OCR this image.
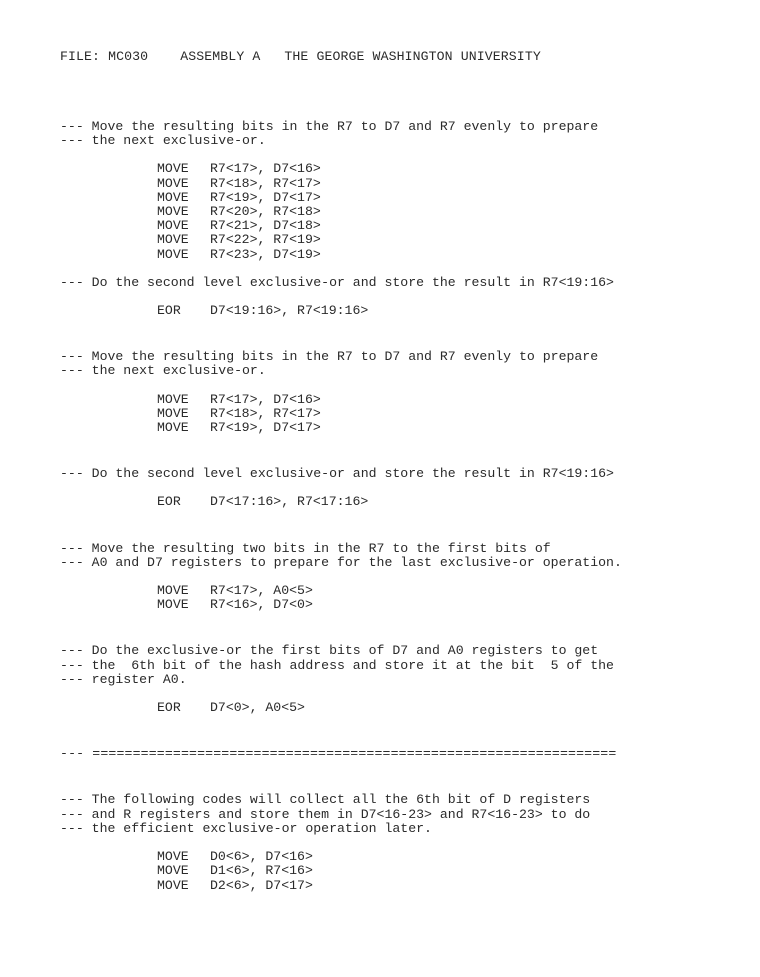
FILE: MC030 ASSEMBLY A THE GEORGE WASHINGTON UNIVERSITY
--- Move the resulting bits in the R7 to D7 and R7 evenly to prepare
--- the next exclusive-or.
MOVE R7<17>, D7<16>
MOVE R7<18>, R7<17>
MOVE R7<19>, D7<17>
MOVE R7<20>, R7<18>
MOVE R7<21>, D7<18>
MOVE R7<22>, R7<19>
MOVE R7<23>, D7<19>
--- Do the second level exclusive-or and store the result in R7<19:16>
EOR D7<19:16>, R7<19:16>
--- Move the resulting bits in the R7 to D7 and R7 evenly to prepare
--- the next exclusive-or.
MOVE R7<17>, D7<16>
MOVE R7<18>, R7<17>
MOVE R7<19>, D7<17>
--- Do the second level exclusive-or and store the result in R7<19:16>
EOR D7<17:16>, R7<17:16>
--- Move the resulting two bits in the R7 to the first bits of
--- A0 and D7 registers to prepare for the last exclusive-or operation.
MOVE R7<17>, A0<5>
MOVE R7<16>, D7<0>
--- Do the exclusive-or the first bits of D7 and A0 registers to get
--- the  6th bit of the hash address and store it at the bit  5 of the
--- register A0.
EOR D7<0>, A0<5>
--- =================================================================
--- The following codes will collect all the 6th bit of D registers
--- and R registers and store them in D7<16-23> and R7<16-23> to do
--- the efficient exclusive-or operation later.
MOVE D0<6>, D7<16>
MOVE D1<6>, R7<16>
MOVE D2<6>, D7<17>
